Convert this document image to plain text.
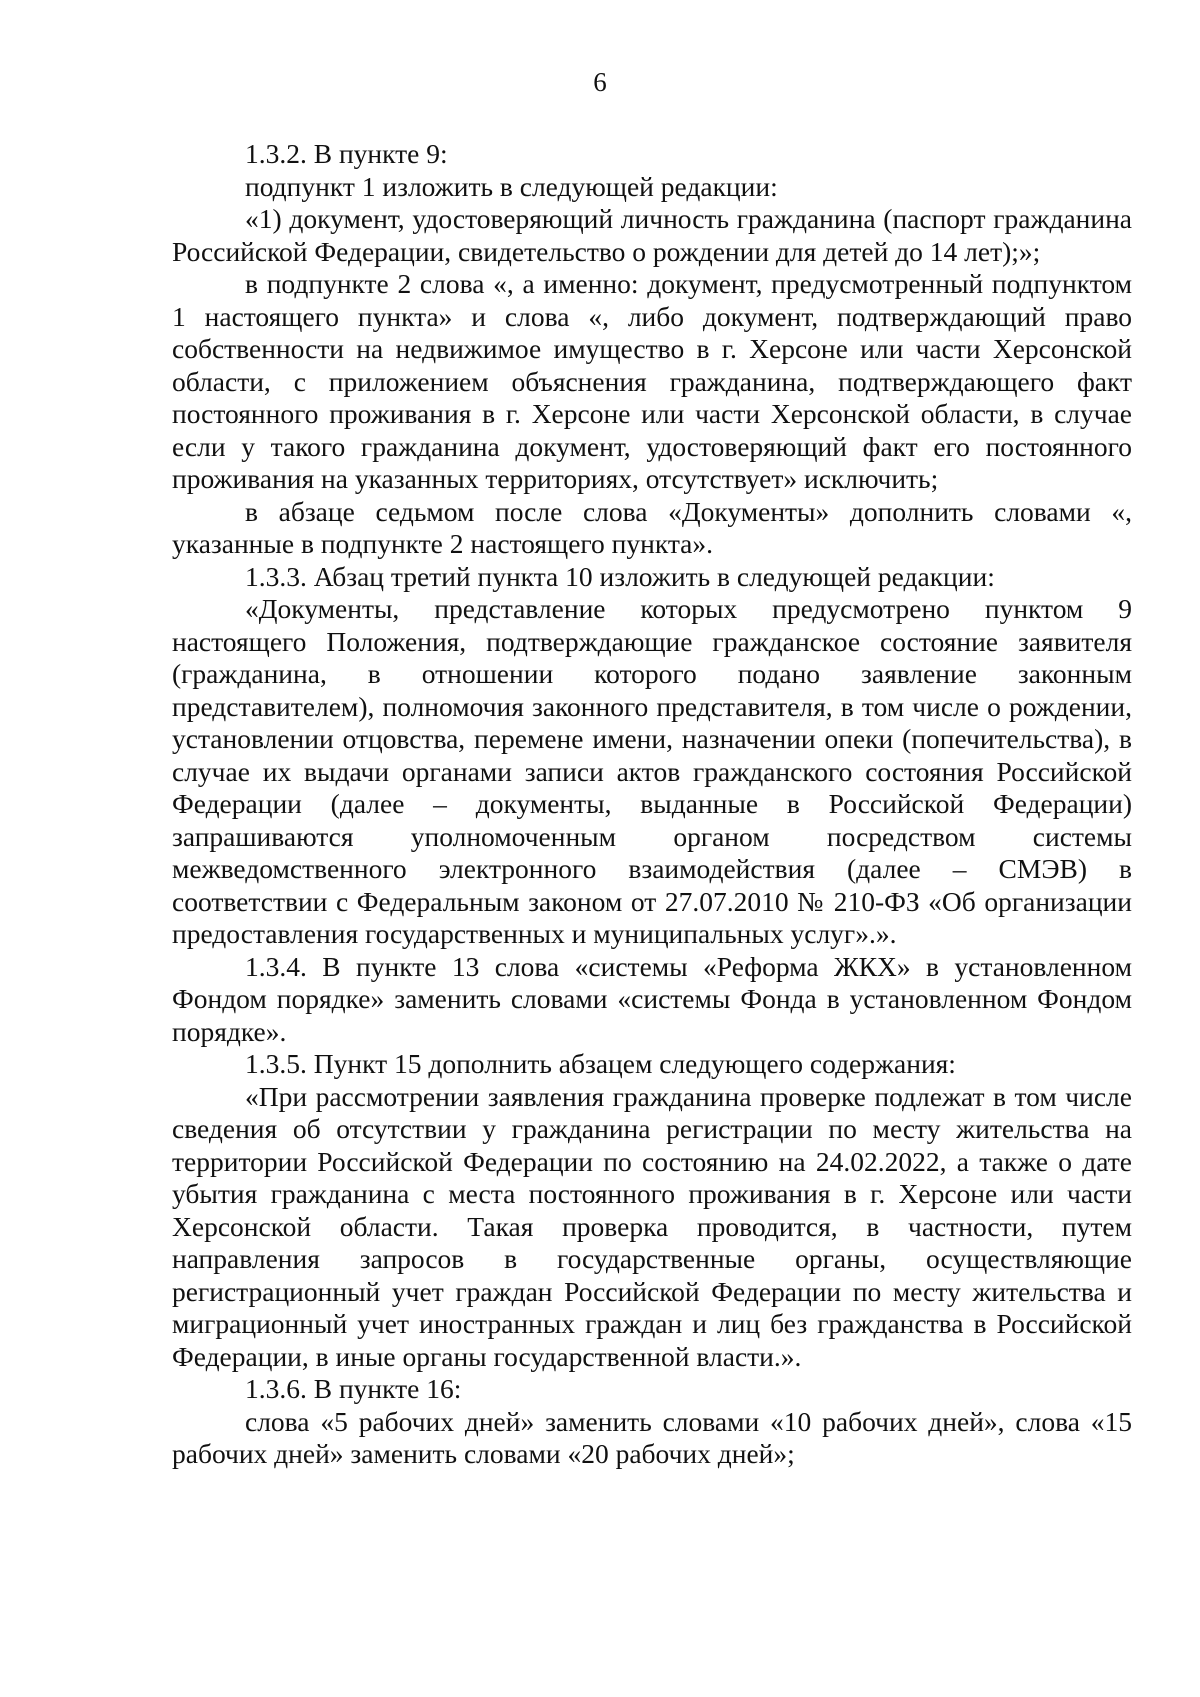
6

1.3.2. В пункте 9:

подпункт 1 изложить в следующей редакции:

«1) документ, удостоверяющий личность гражданина (паспорт гражданина Российской Федерации, свидетельство о рождении для детей до 14 лет);»;

в подпункте 2 слова «, а именно: документ, предусмотренный подпунктом 1 настоящего пункта» и слова «, либо документ, подтверждающий право собственности на недвижимое имущество в г. Херсоне или части Херсонской области, с приложением объяснения гражданина, подтверждающего факт постоянного проживания в г. Херсоне или части Херсонской области, в случае если у такого гражданина документ, удостоверяющий факт его постоянного проживания на указанных территориях, отсутствует» исключить;

в абзаце седьмом после слова «Документы» дополнить словами «, указанные в подпункте 2 настоящего пункта».

1.3.3. Абзац третий пункта 10 изложить в следующей редакции:

«Документы, представление которых предусмотрено пунктом 9 настоящего Положения, подтверждающие гражданское состояние заявителя (гражданина, в отношении которого подано заявление законным представителем), полномочия законного представителя, в том числе о рождении, установлении отцовства, перемене имени, назначении опеки (попечительства), в случае их выдачи органами записи актов гражданского состояния Российской Федерации (далее – документы, выданные в Российской Федерации) запрашиваются уполномоченным органом посредством системы межведомственного электронного взаимодействия (далее – СМЭВ) в соответствии с Федеральным законом от 27.07.2010 № 210-ФЗ «Об организации предоставления государственных и муниципальных услуг».».

1.3.4. В пункте 13 слова «системы «Реформа ЖКХ» в установленном Фондом порядке» заменить словами «системы Фонда в установленном Фондом порядке».

1.3.5. Пункт 15 дополнить абзацем следующего содержания:

«При рассмотрении заявления гражданина проверке подлежат в том числе сведения об отсутствии у гражданина регистрации по месту жительства на территории Российской Федерации по состоянию на 24.02.2022, а также о дате убытия гражданина с места постоянного проживания в г. Херсоне или части Херсонской области. Такая проверка проводится, в частности, путем направления запросов в государственные органы, осуществляющие регистрационный учет граждан Российской Федерации по месту жительства и миграционный учет иностранных граждан и лиц без гражданства в Российской Федерации, в иные органы государственной власти.».

1.3.6. В пункте 16:

слова «5 рабочих дней» заменить словами «10 рабочих дней», слова «15 рабочих дней» заменить словами «20 рабочих дней»;
